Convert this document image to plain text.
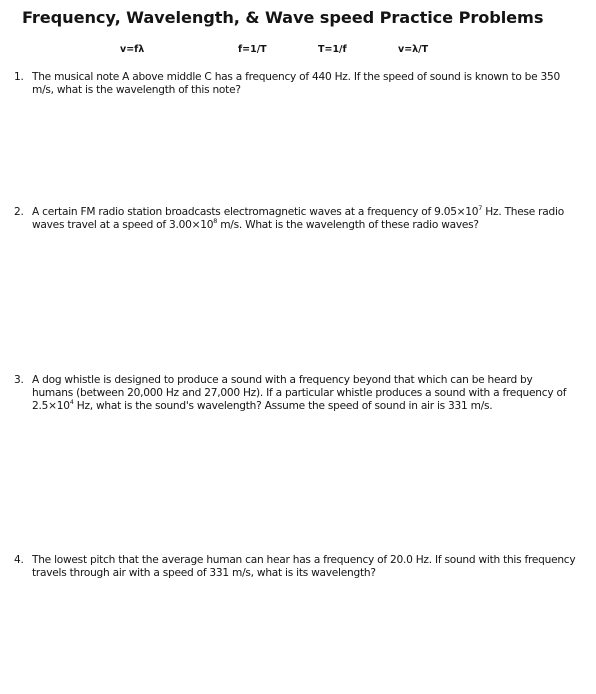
Frequency, Wavelength, & Wave speed Practice Problems
v=fλ	f=1/T	T=1/f	v=λ/T
1. The musical note A above middle C has a frequency of 440 Hz. If the speed of sound is known to be 350 m/s, what is the wavelength of this note?
2. A certain FM radio station broadcasts electromagnetic waves at a frequency of $9.05\times 10^7$ Hz. These radio waves travel at a speed of $3.00\times 10^8$ m/s. What is the wavelength of these radio waves?
3. A dog whistle is designed to produce a sound with a frequency beyond that which can be heard by humans (between 20,000 Hz and 27,000 Hz). If a particular whistle produces a sound with a frequency of $2.5\times 10^4$ Hz, what is the sound's wavelength? Assume the speed of sound in air is 331 m/s.
4. The lowest pitch that the average human can hear has a frequency of 20.0 Hz. If sound with this frequency travels through air with a speed of 331 m/s, what is its wavelength?
